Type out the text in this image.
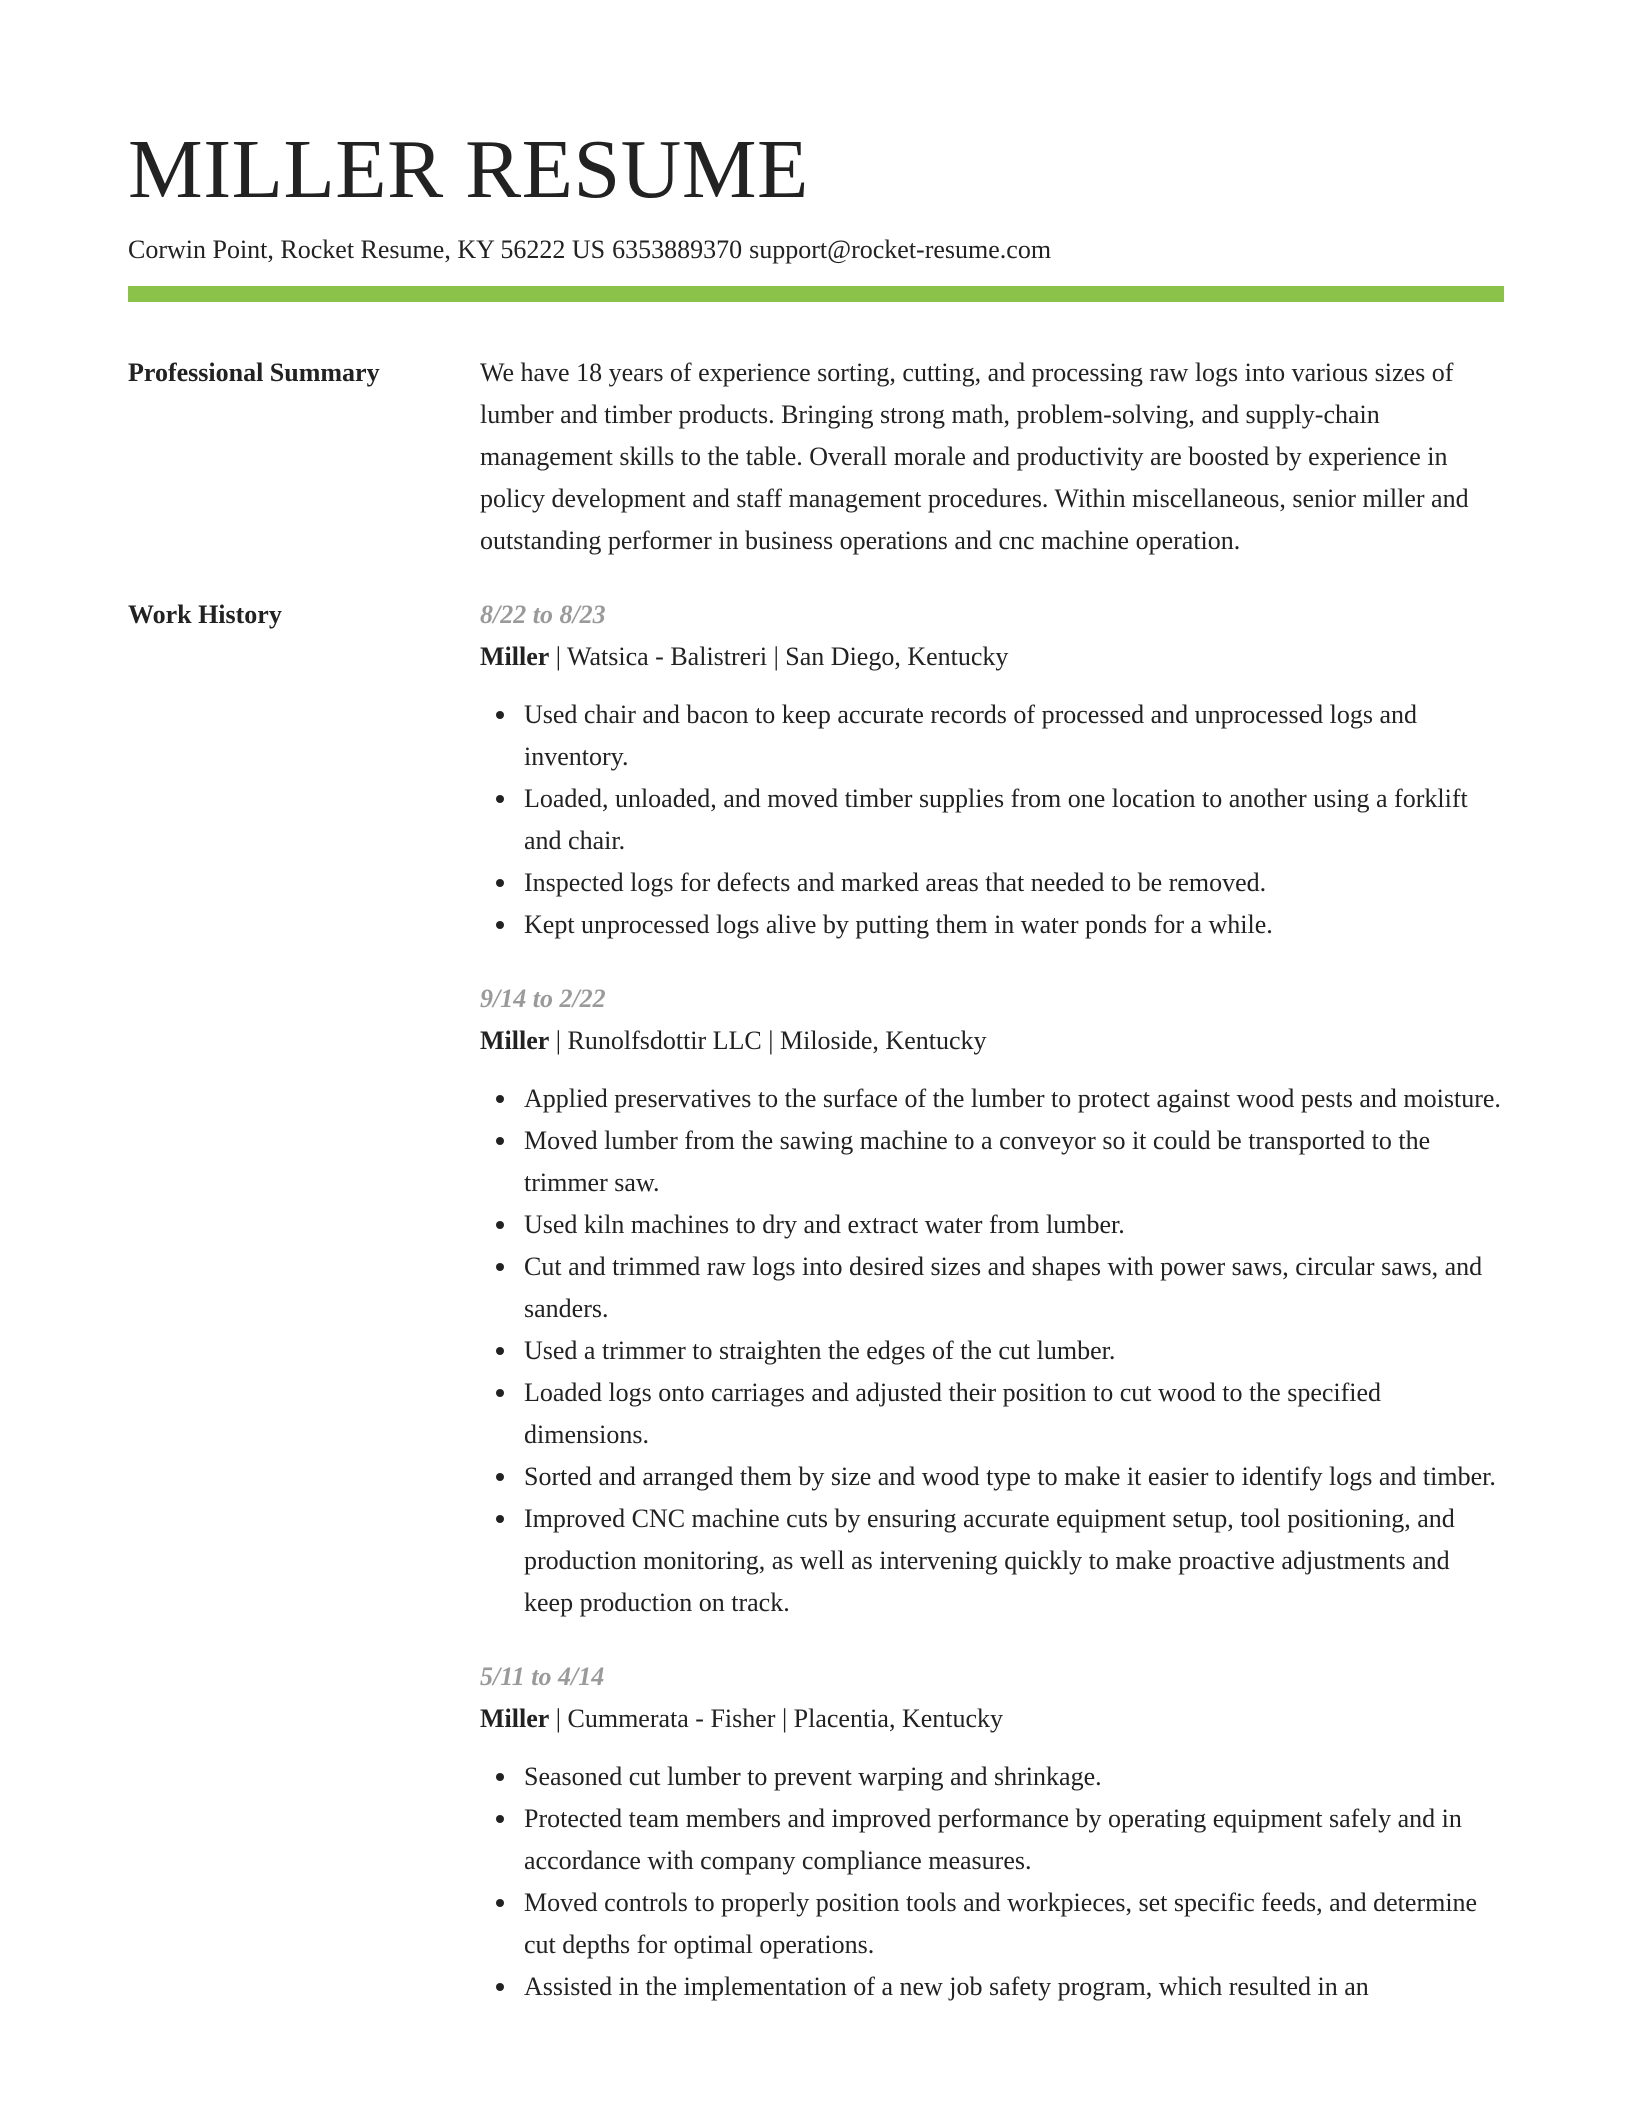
MILLER RESUME
Corwin Point, Rocket Resume, KY 56222 US 6353889370 support@rocket-resume.com
Professional Summary	We have 18 years of experience sorting, cutting, and processing raw logs into various sizes of lumber and timber products. Bringing strong math, problem-solving, and supply-chain management skills to the table. Overall morale and productivity are boosted by experience in policy development and staff management procedures. Within miscellaneous, senior miller and outstanding performer in business operations and cnc machine operation.

Work History	8/22 to 8/23
Miller | Watsica - Balistreri | San Diego, Kentucky
Used chair and bacon to keep accurate records of processed and unprocessed logs and inventory.
Loaded, unloaded, and moved timber supplies from one location to another using a forklift and chair.
Inspected logs for defects and marked areas that needed to be removed.
Kept unprocessed logs alive by putting them in water ponds for a while.
9/14 to 2/22
Miller | Runolfsdottir LLC | Miloside, Kentucky
Applied preservatives to the surface of the lumber to protect against wood pests and moisture.
Moved lumber from the sawing machine to a conveyor so it could be transported to the trimmer saw.
Used kiln machines to dry and extract water from lumber.
Cut and trimmed raw logs into desired sizes and shapes with power saws, circular saws, and sanders.
Used a trimmer to straighten the edges of the cut lumber.
Loaded logs onto carriages and adjusted their position to cut wood to the specified dimensions.
Sorted and arranged them by size and wood type to make it easier to identify logs and timber.
Improved CNC machine cuts by ensuring accurate equipment setup, tool positioning, and production monitoring, as well as intervening quickly to make proactive adjustments and keep production on track.
5/11 to 4/14
Miller | Cummerata - Fisher | Placentia, Kentucky
Seasoned cut lumber to prevent warping and shrinkage.
Protected team members and improved performance by operating equipment safely and in accordance with company compliance measures.
Moved controls to properly position tools and workpieces, set specific feeds, and determine cut depths for optimal operations.
Assisted in the implementation of a new job safety program, which resulted in an
